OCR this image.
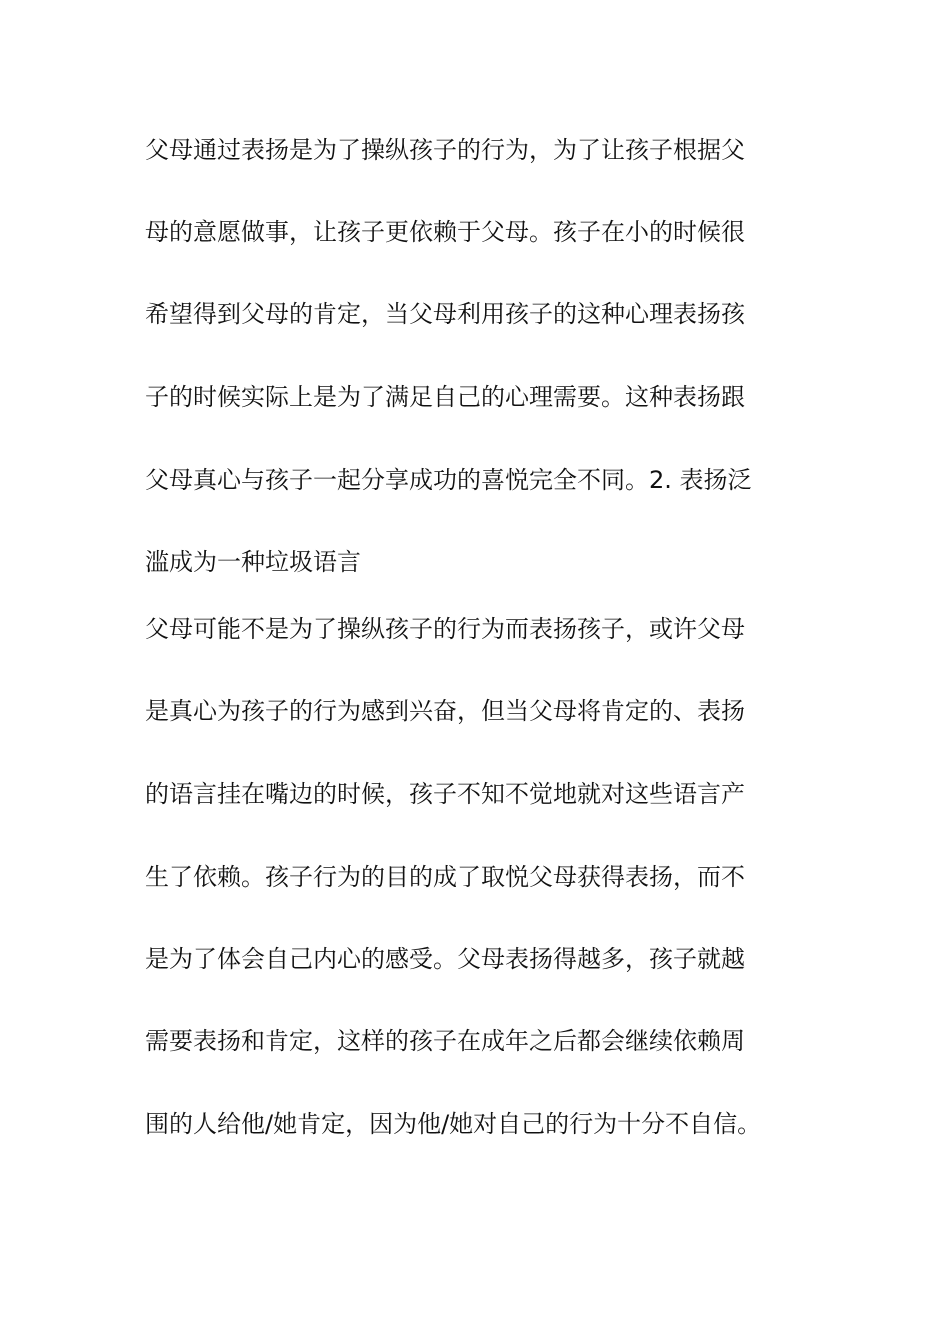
父母通过表扬是为了操纵孩子的行为，为了让孩子根据父
母的意愿做事，让孩子更依赖于父母。孩子在小的时候很
希望得到父母的肯定，当父母利用孩子的这种心理表扬孩
子的时候实际上是为了满足自己的心理需要。这种表扬跟
父母真心与孩子一起分享成功的喜悦完全不同。2. 表扬泛
滥成为一种垃圾语言
父母可能不是为了操纵孩子的行为而表扬孩子，或许父母
是真心为孩子的行为感到兴奋，但当父母将肯定的、表扬
的语言挂在嘴边的时候，孩子不知不觉地就对这些语言产
生了依赖。孩子行为的目的成了取悦父母获得表扬，而不
是为了体会自己内心的感受。父母表扬得越多，孩子就越
需要表扬和肯定，这样的孩子在成年之后都会继续依赖周
围的人给他/她肯定，因为他/她对自己的行为十分不自信。
